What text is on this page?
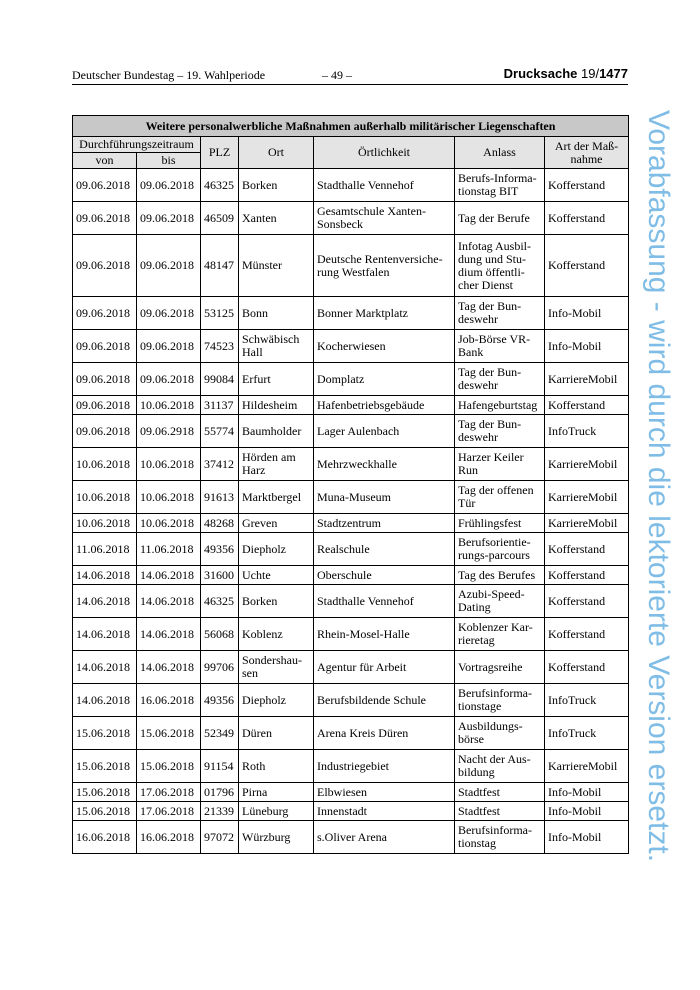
Deutscher Bundestag – 19. Wahlperiode	– 49 –	Drucksache 19/1477
Weitere personalwerbliche Maßnahmen außerhalb militärischer Liegenschaften						
Durchführungszeitraum		PLZ	Ort	Örtlichkeit	Anlass	Art der Maß-nahme
von	bis					
09.06.2018	09.06.2018	46325	Borken	Stadthalle Vennehof	Berufs-Informa-tionstag BIT	Kofferstand
09.06.2018	09.06.2018	46509	Xanten	Gesamtschule Xanten-Sonsbeck	Tag der Berufe	Kofferstand
09.06.2018	09.06.2018	48147	Münster	Deutsche Rentenversiche-rung Westfalen	Infotag Ausbil-dung und Stu-dium öffentli-cher Dienst	Kofferstand
09.06.2018	09.06.2018	53125	Bonn	Bonner Marktplatz	Tag der Bun-deswehr	Info-Mobil
09.06.2018	09.06.2018	74523	Schwäbisch Hall	Kocherwiesen	Job-Börse VR-Bank	Info-Mobil
09.06.2018	09.06.2018	99084	Erfurt	Domplatz	Tag der Bun-deswehr	KarriereMobil
09.06.2018	10.06.2018	31137	Hildesheim	Hafenbetriebsgebäude	Hafengeburtstag	Kofferstand
09.06.2018	09.06.2918	55774	Baumholder	Lager Aulenbach	Tag der Bun-deswehr	InfoTruck
10.06.2018	10.06.2018	37412	Hörden am Harz	Mehrzweckhalle	Harzer Keiler Run	KarriereMobil
10.06.2018	10.06.2018	91613	Marktbergel	Muna-Museum	Tag der offenen Tür	KarriereMobil
10.06.2018	10.06.2018	48268	Greven	Stadtzentrum	Frühlingsfest	KarriereMobil
11.06.2018	11.06.2018	49356	Diepholz	Realschule	Berufsorientie-rungs-parcours	Kofferstand
14.06.2018	14.06.2018	31600	Uchte	Oberschule	Tag des Berufes	Kofferstand
14.06.2018	14.06.2018	46325	Borken	Stadthalle Vennehof	Azubi-Speed-Dating	Kofferstand
14.06.2018	14.06.2018	56068	Koblenz	Rhein-Mosel-Halle	Koblenzer Kar-rieretag	Kofferstand
14.06.2018	14.06.2018	99706	Sondershau-sen	Agentur für Arbeit	Vortragsreihe	Kofferstand
14.06.2018	16.06.2018	49356	Diepholz	Berufsbildende Schule	Berufsinforma-tionstage	InfoTruck
15.06.2018	15.06.2018	52349	Düren	Arena Kreis Düren	Ausbildungs-börse	InfoTruck
15.06.2018	15.06.2018	91154	Roth	Industriegebiet	Nacht der Aus-bildung	KarriereMobil
15.06.2018	17.06.2018	01796	Pirna	Elbwiesen	Stadtfest	Info-Mobil
15.06.2018	17.06.2018	21339	Lüneburg	Innenstadt	Stadtfest	Info-Mobil
16.06.2018	16.06.2018	97072	Würzburg	s.Oliver Arena	Berufsinforma-tionstag	Info-Mobil Vorabfassung - wird durch die lektorierte Version ersetzt.
